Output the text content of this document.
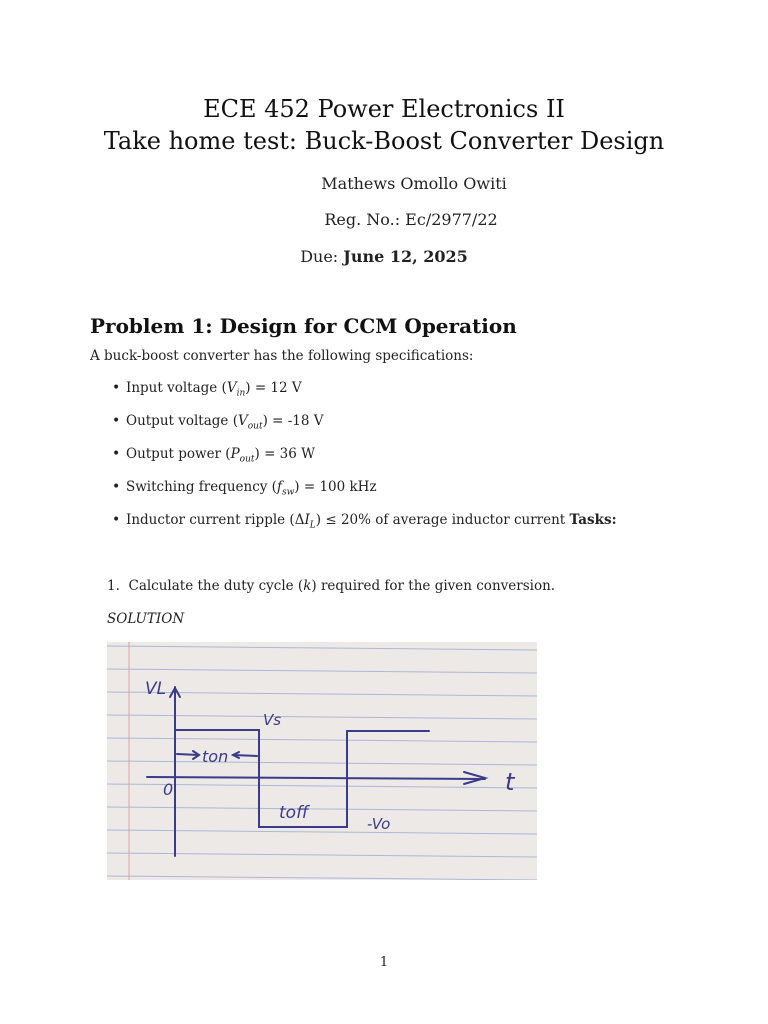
ECE 452 Power Electronics II
Take home test: Buck-Boost Converter Design
Mathews Omollo Owiti
Reg. No.: Ec/2977/22
Due: June 12, 2025
Problem 1: Design for CCM Operation
A buck-boost converter has the following specifications:
• Input voltage $(V_{in}) = 12$ V
• Output voltage $(V_{out}) = -18$ V
• Output power $(P_{out}) = 36$ W
• Switching frequency $(f_{sw}) = 100$ kHz
• Inductor current ripple $(\Delta I_L) \le 20\%$ of average inductor current Tasks:
1. Calculate the duty cycle (k) required for the given conversion.
SOLUTION
VL
0
Vs
ton
toff
-Vo
t
1
